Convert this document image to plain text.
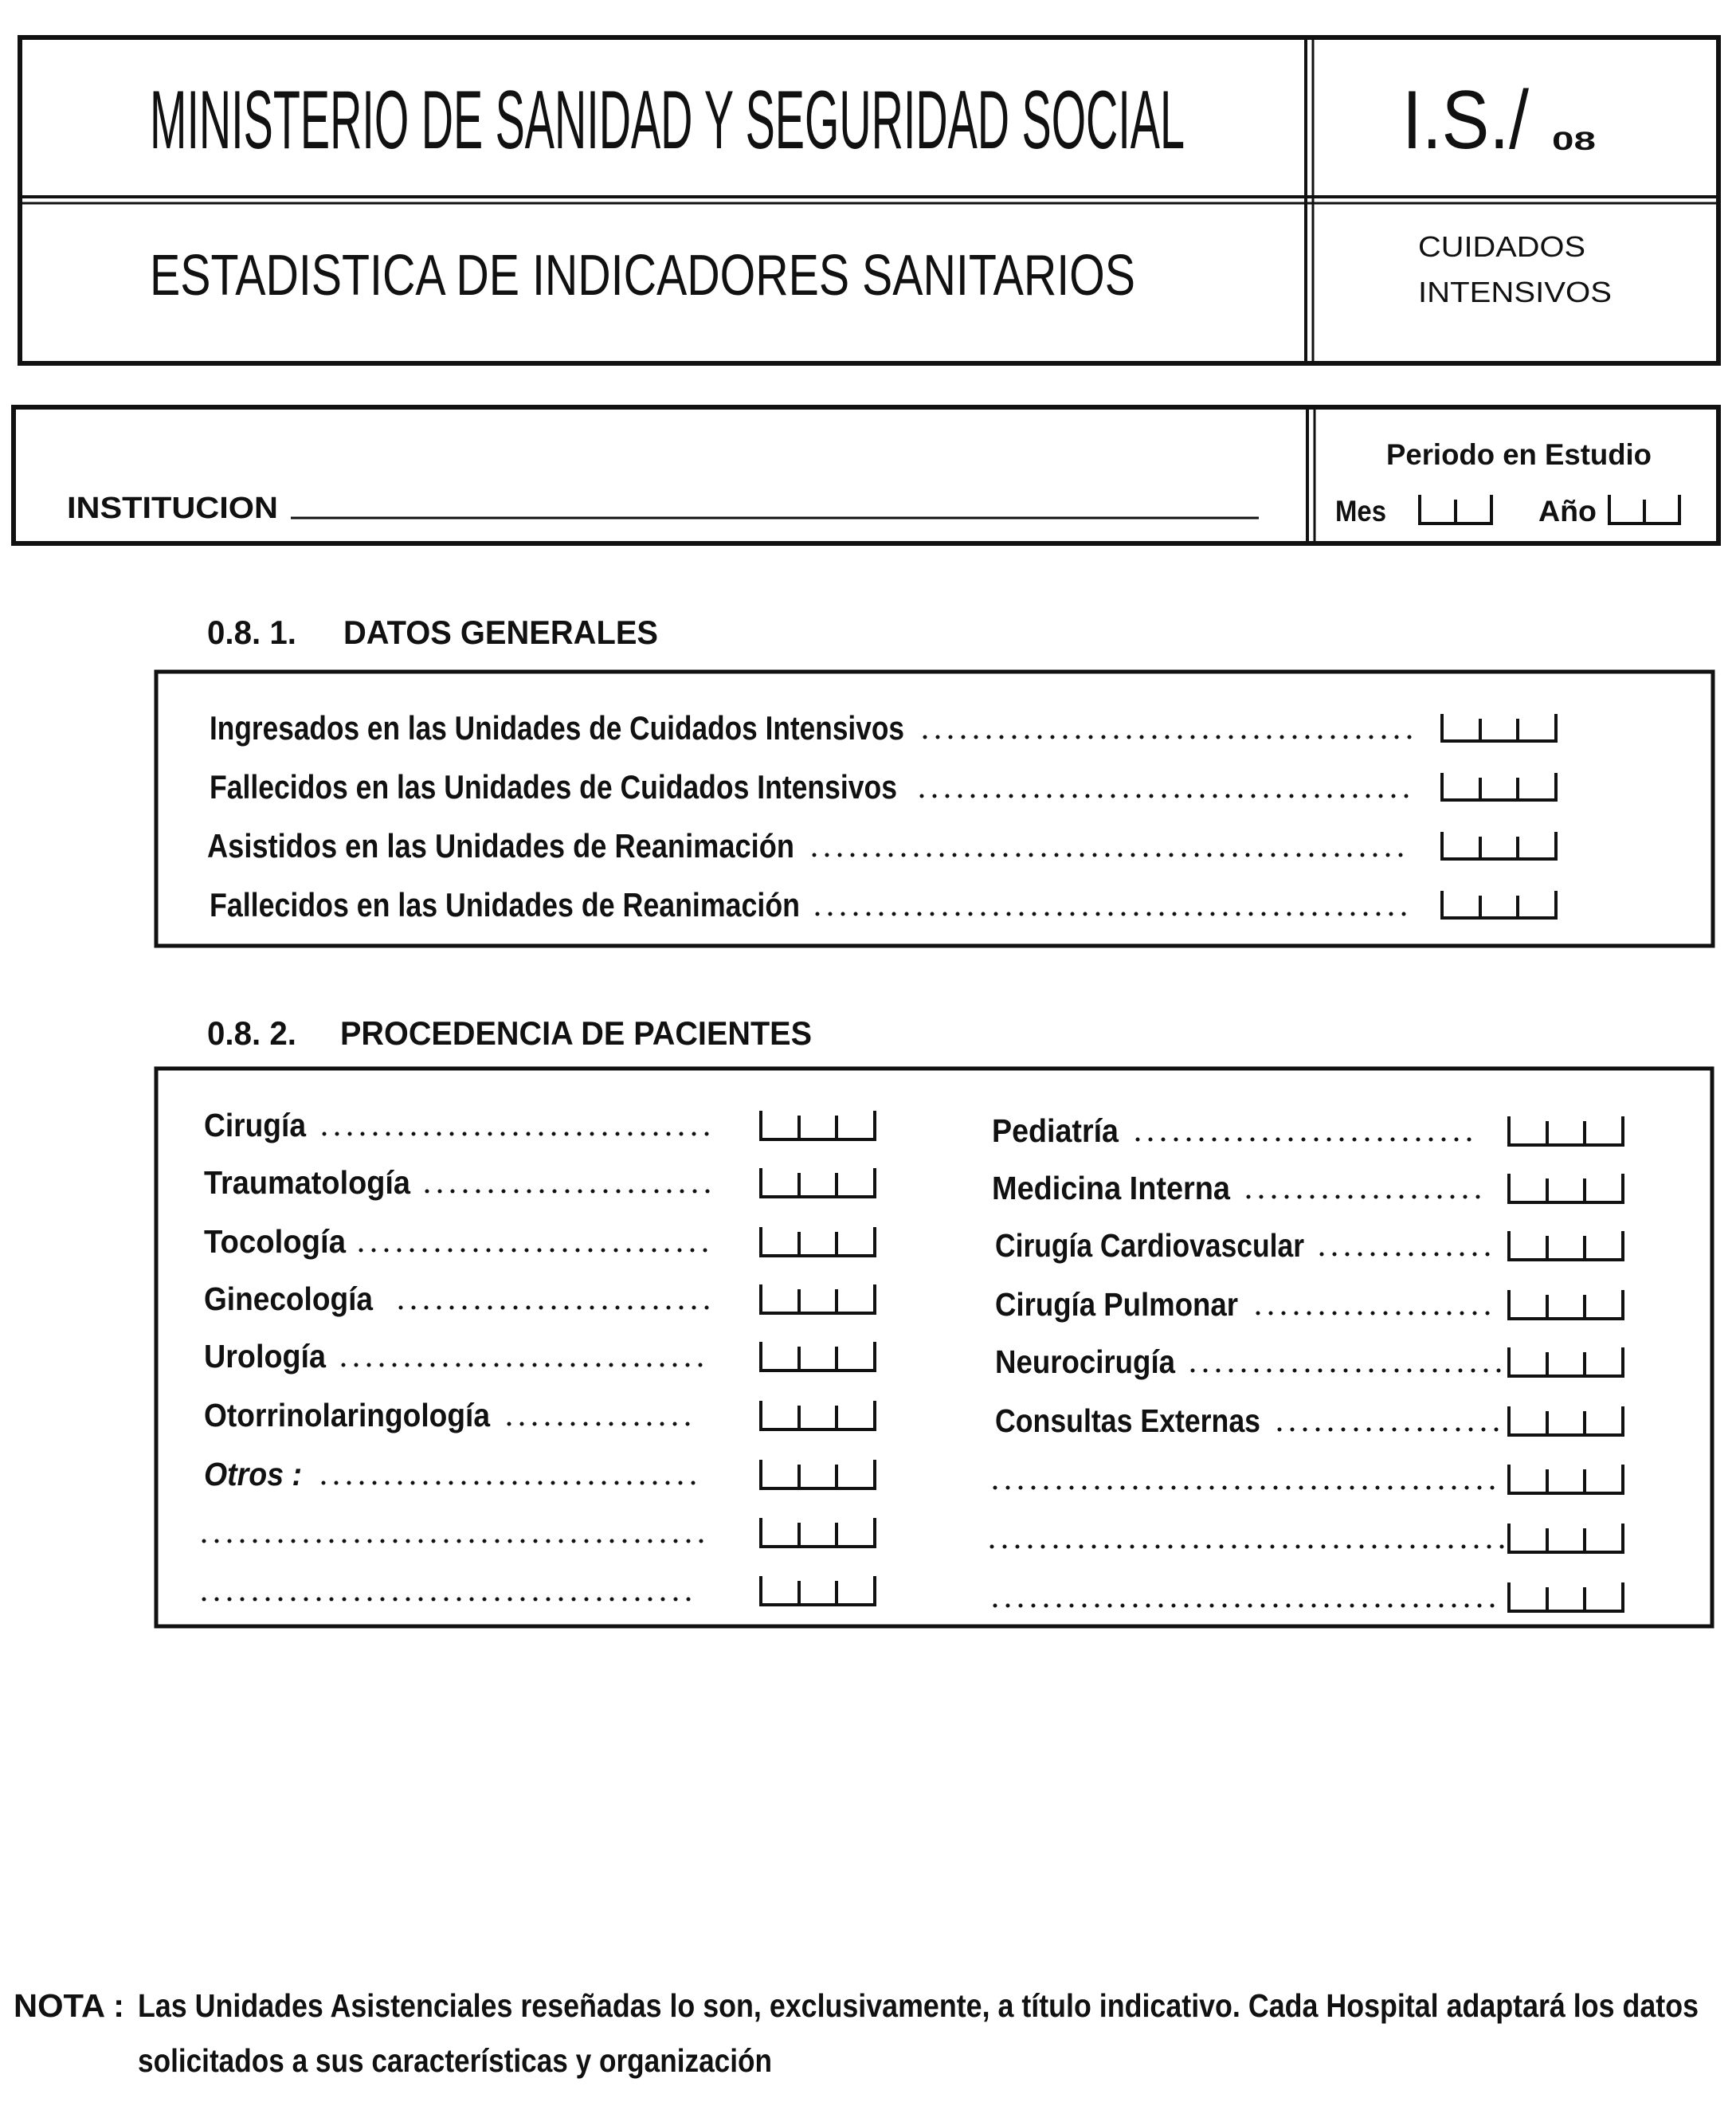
MINISTERIO DE SANIDAD Y SEGURIDAD SOCIAL	I.S./ 08
ESTADISTICA DE INDICADORES SANITARIOS	CUIDADOS
INTENSIVOS
INSTITUCION
Periodo en Estudio
Mes	Año
0.8. 1. DATOS GENERALES
Ingresados en las Unidades de Cuidados Intensivos
Fallecidos en las Unidades de Cuidados Intensivos
Asistidos en las Unidades de Reanimación
Fallecidos en las Unidades de Reanimación
0.8. 2. PROCEDENCIA DE PACIENTES
Cirugía
Traumatología
Tocología
Ginecología
Urología
Otorrinolaringología
Otros :
Pediatría
Medicina Interna
Cirugía Cardiovascular
Cirugía Pulmonar
Neurocirugía
Consultas Externas
NOTA : Las Unidades Asistenciales reseñadas lo son, exclusivamente, a título indicativo. Cada Hospital adaptará los datos
solicitados a sus características y organización
